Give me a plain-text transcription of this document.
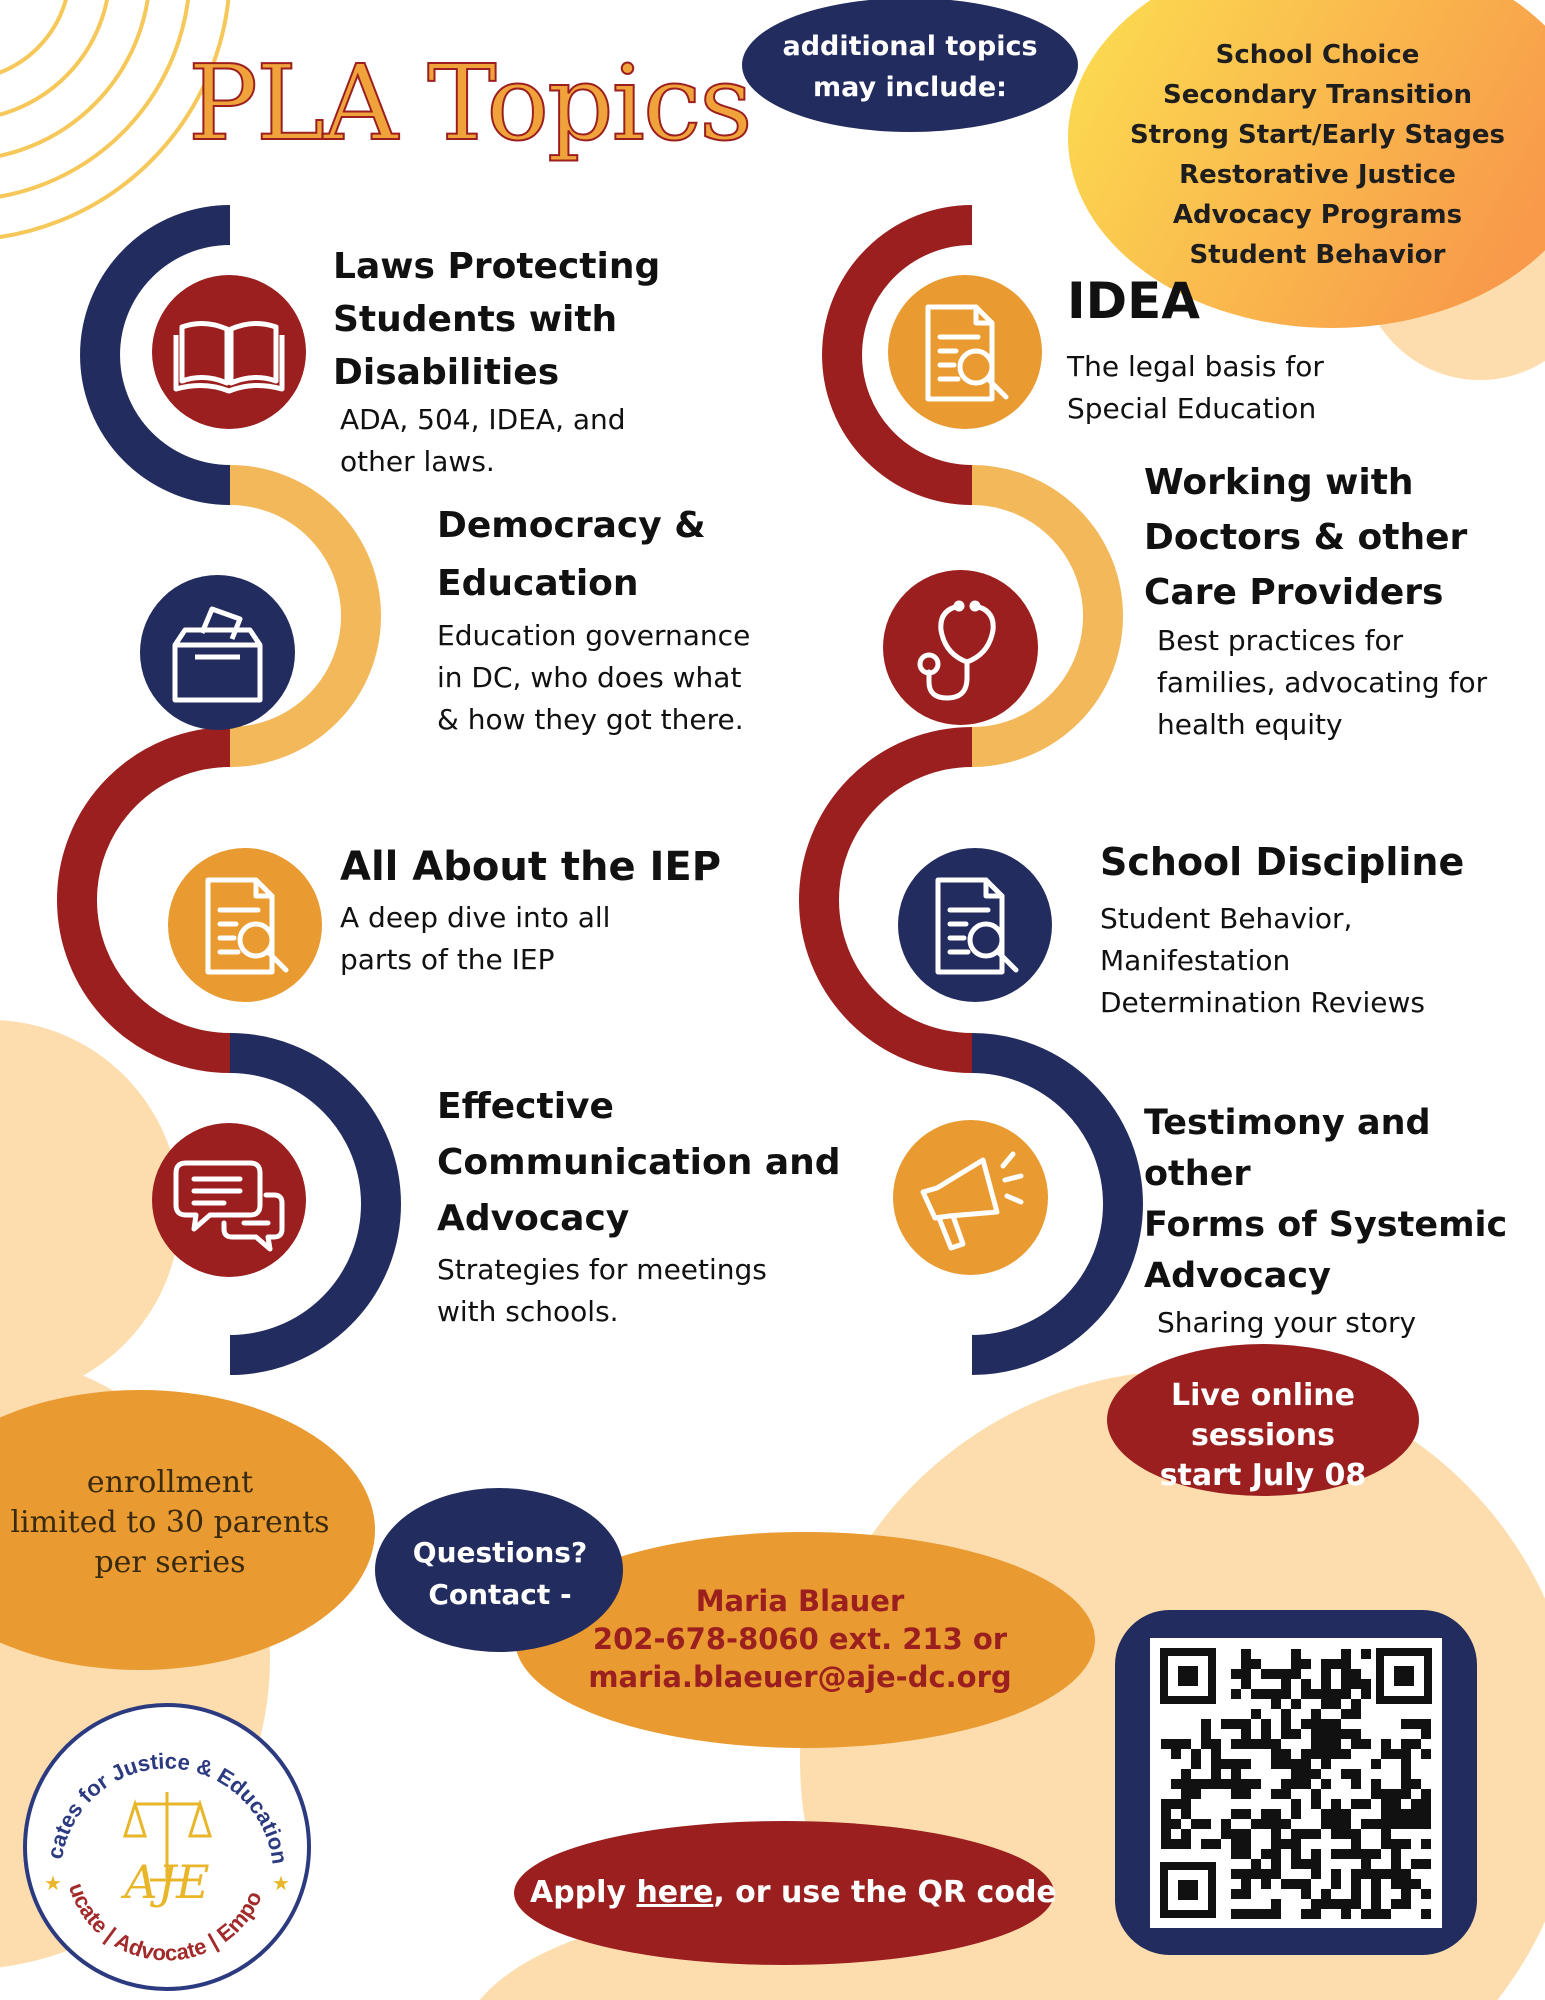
PLA Topics	additional topics
may include:
School Choice
Secondary Transition
Strong Start/Early Stages
Restorative Justice
Advocacy Programs
Student Behavior
Laws Protecting
Students with
Disabilities
ADA, 504, IDEA, and
other laws.
Democracy &
Education
Education governance
in DC, who does what
& how they got there.
All About the IEP
A deep dive into all
parts of the IEP
Effective
Communication and
Advocacy
Strategies for meetings
with schools.
IDEA
The legal basis for
Special Education
Working with
Doctors & other
Care Providers
Best practices for
families, advocating for
health equity
School Discipline
Student Behavior,
Manifestation
Determination Reviews
Testimony and other
Forms of Systemic
Advocacy
Sharing your story
Live online sessions
start July 08
enrollment
limited to 30 parents
per series	Questions?
Contact -	Maria Blauer
202-678-8060 ext. 213 or
maria.blaeuer@aje-dc.org
Apply here, or use the QR code
cates for Justice & Education
ucate | Advocate | Empo
★	★
AJE
